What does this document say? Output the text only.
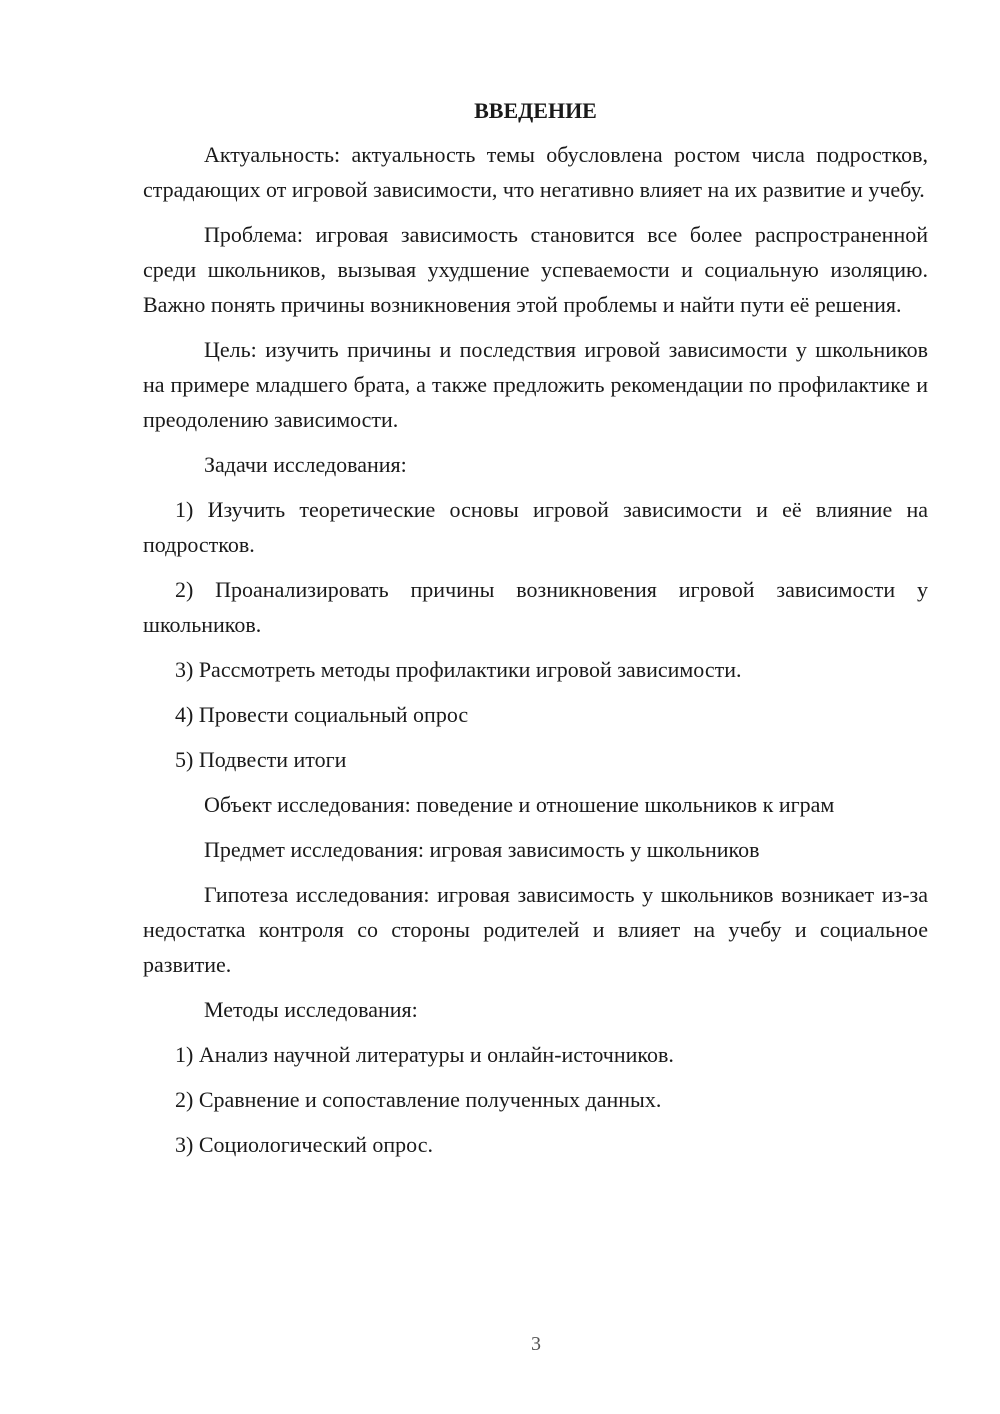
ВВЕДЕНИЕ

Актуальность: актуальность темы обусловлена ростом числа подростков, страдающих от игровой зависимости, что негативно влияет на их развитие и учебу.

Проблема: игровая зависимость становится все более распространенной среди школьников, вызывая ухудшение успеваемости и социальную изоляцию. Важно понять причины возникновения этой проблемы и найти пути её решения.

Цель: изучить причины и последствия игровой зависимости у школьников на примере младшего брата, а также предложить рекомендации по профилактике и преодолению зависимости.

Задачи исследования:

1) Изучить теоретические основы игровой зависимости и её влияние на подростков.

2) Проанализировать причины возникновения игровой зависимости у школьников.

3) Рассмотреть методы профилактики игровой зависимости.

4) Провести социальный опрос

5) Подвести итоги

Объект исследования: поведение и отношение школьников к играм

Предмет исследования: игровая зависимость у школьников

Гипотеза исследования: игровая зависимость у школьников возникает из-за недостатка контроля со стороны родителей и влияет на учебу и социальное развитие.

Методы исследования:

1) Анализ научной литературы и онлайн-источников.

2) Сравнение и сопоставление полученных данных.

3) Социологический опрос.

3
